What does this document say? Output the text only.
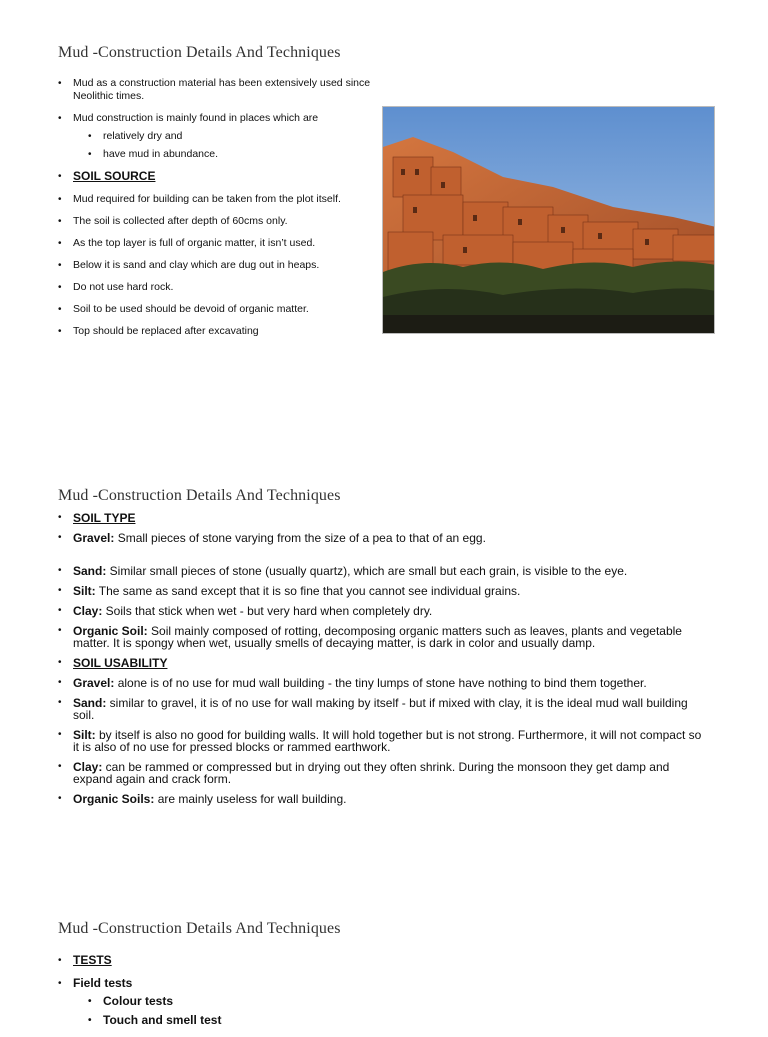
Mud -Construction Details And Techniques
• Mud as a construction material has been extensively used since Neolithic times.
• Mud construction is mainly found in places which are
• relatively dry and
• have mud in abundance.
• SOIL SOURCE
• Mud required for building can be taken from the plot itself.
• The soil is collected after depth of 60cms only.
• As the top layer is full of organic matter, it isn’t used.
• Below it is sand and clay which are dug out in heaps.
• Do not use hard rock.
• Soil to be used should be devoid of organic matter.
• Top should be replaced after excavating
Mud -Construction Details And Techniques
• SOIL TYPE
• Gravel: Small pieces of stone varying from the size of a pea to that of an egg.
• Sand: Similar small pieces of stone (usually quartz), which are small but each grain, is visible to the eye.
• Silt: The same as sand except that it is so fine that you cannot see individual grains.
• Clay: Soils that stick when wet - but very hard when completely dry.
• Organic Soil: Soil mainly composed of rotting, decomposing organic matters such as leaves, plants and vegetable matter. It is spongy when wet, usually smells of decaying matter, is dark in color and usually damp.
• SOIL USABILITY
• Gravel: alone is of no use for mud wall building - the tiny lumps of stone have nothing to bind them together.
• Sand: similar to gravel, it is of no use for wall making by itself - but if mixed with clay, it is the ideal mud wall building soil.
• Silt: by itself is also no good for building walls. It will hold together but is not strong. Furthermore, it will not compact so it is also of no use for pressed blocks or rammed earthwork.
• Clay: can be rammed or compressed but in drying out they often shrink. During the monsoon they get damp and expand again and crack form.
• Organic Soils: are mainly useless for wall building.
Mud -Construction Details And Techniques
• TESTS
• Field tests
• Colour tests
• Touch and smell test
